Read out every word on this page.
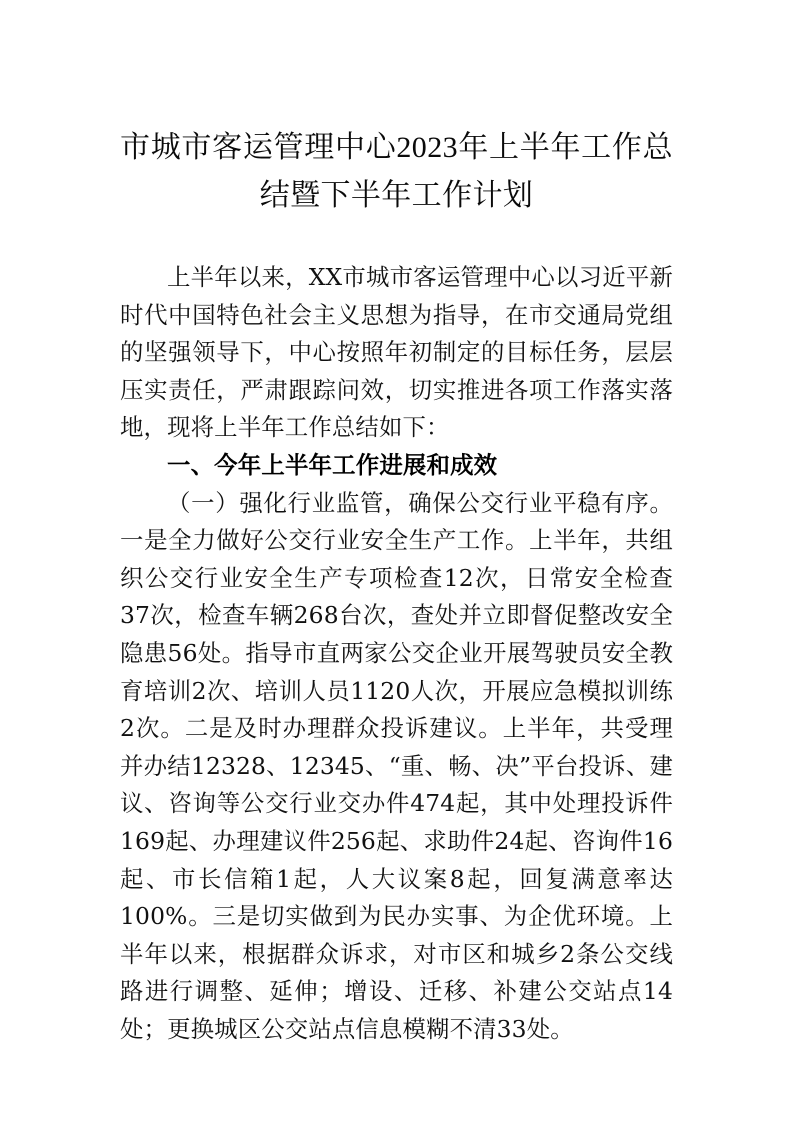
市城市客运管理中心2023年上半年工作总
结暨下半年工作计划

上半年以来，XX市城市客运管理中心以习近平新时代中国特色社会主义思想为指导，在市交通局党组的坚强领导下，中心按照年初制定的目标任务，层层压实责任，严肃跟踪问效，切实推进各项工作落实落地，现将上半年工作总结如下：

一、今年上半年工作进展和成效

（一）强化行业监管，确保公交行业平稳有序。一是全力做好公交行业安全生产工作。上半年，共组织公交行业安全生产专项检查12次，日常安全检查37次，检查车辆268台次，查处并立即督促整改安全隐患56处。指导市直两家公交企业开展驾驶员安全教育培训2次、培训人员1120人次，开展应急模拟训练2次。二是及时办理群众投诉建议。上半年，共受理并办结12328、12345、“重、畅、决”平台投诉、建议、咨询等公交行业交办件474起，其中处理投诉件169起、办理建议件256起、求助件24起、咨询件16起、市长信箱1起，人大议案8起，回复满意率达100%。三是切实做到为民办实事、为企优环境。上半年以来，根据群众诉求，对市区和城乡2条公交线路进行调整、延伸；增设、迁移、补建公交站点14处；更换城区公交站点信息模糊不清33处。
